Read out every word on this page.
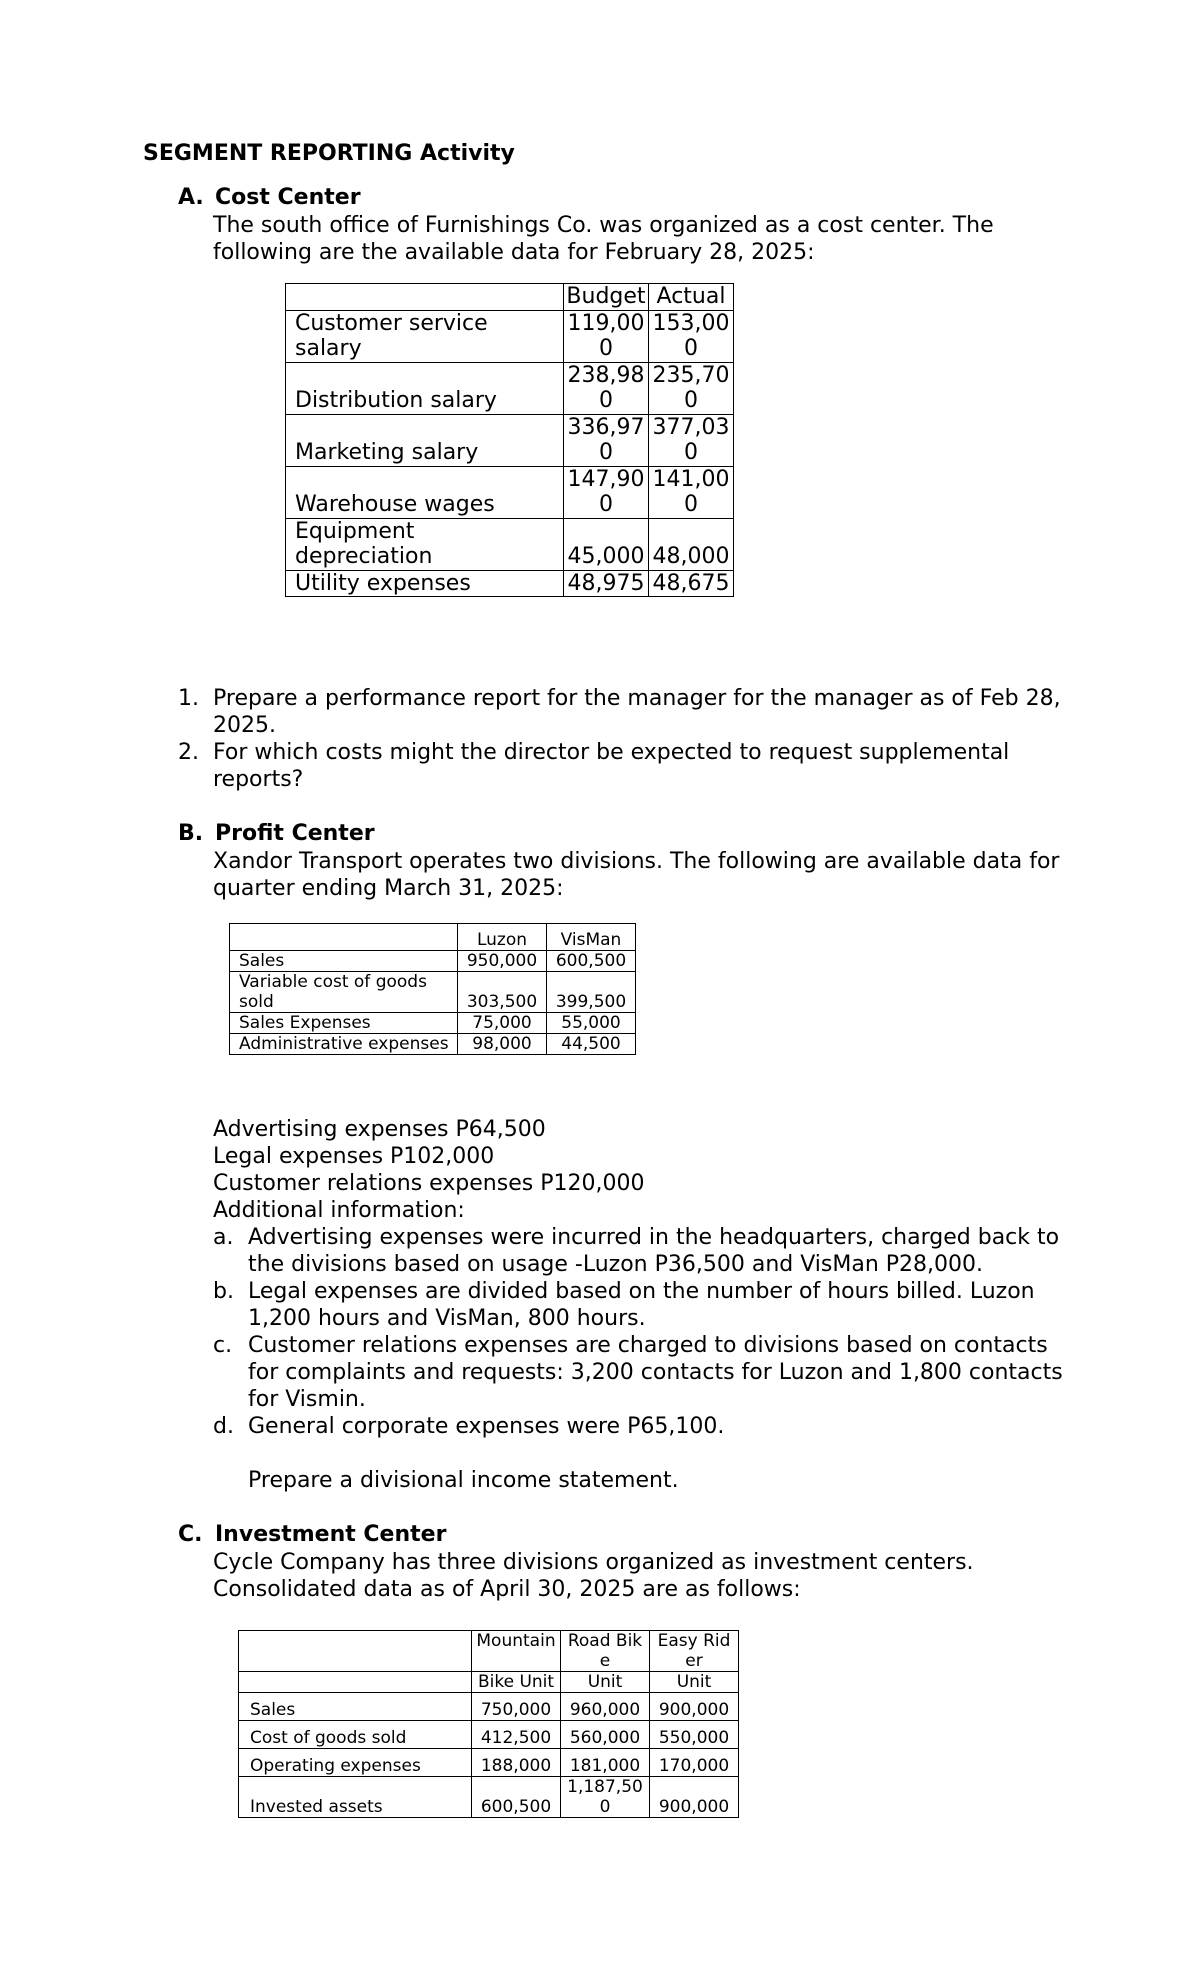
SEGMENT REPORTING Activity
A. Cost Center
The south office of Furnishings Co. was organized as a cost center. The
following are the available data for February 28, 2025:
	Budget	Actual
Customer service salary	119,000	153,000
Distribution salary	238,980	235,700
Marketing salary	336,970	377,030
Warehouse wages	147,900	141,000
Equipment depreciation	45,000	48,000
Utility expenses	48,975	48,675
1. Prepare a performance report for the manager for the manager as of Feb 28,
2025.
2. For which costs might the director be expected to request supplemental
reports?
B. Profit Center
Xandor Transport operates two divisions. The following are available data for
quarter ending March 31, 2025:
	Luzon	VisMan
Sales	950,000	600,500
Variable cost of goods sold	303,500	399,500
Sales Expenses	75,000	55,000
Administrative expenses	98,000	44,500
Advertising expenses P64,500
Legal expenses P102,000
Customer relations expenses P120,000
Additional information:
a. Advertising expenses were incurred in the headquarters, charged back to
the divisions based on usage -Luzon P36,500 and VisMan P28,000.
b. Legal expenses are divided based on the number of hours billed. Luzon
1,200 hours and VisMan, 800 hours.
c. Customer relations expenses are charged to divisions based on contacts
for complaints and requests: 3,200 contacts for Luzon and 1,800 contacts
for Vismin.
d. General corporate expenses were P65,100.
Prepare a divisional income statement.
C. Investment Center
Cycle Company has three divisions organized as investment centers.
Consolidated data as of April 30, 2025 are as follows:
	Mountain	Road Bike	Easy Rider
	Bike Unit	Unit	Unit
Sales	750,000	960,000	900,000
Cost of goods sold	412,500	560,000	550,000
Operating expenses	188,000	181,000	170,000
Invested assets	600,500	1,187,500	900,000
